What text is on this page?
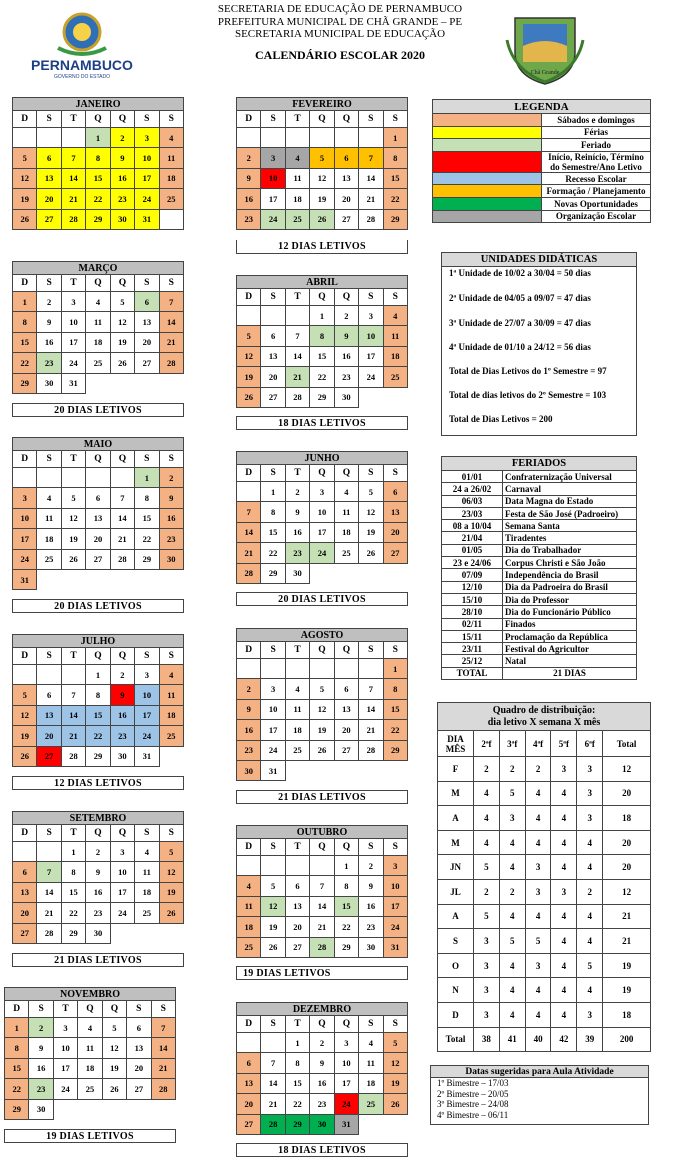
SECRETARIA DE EDUCAÇÃO DE PERNAMBUCO
PREFEITURA MUNICIPAL DE CHÃ GRANDE – PE
SECRETARIA MUNICIPAL DE EDUCAÇÃO
CALENDÁRIO ESCOLAR 2020
PERNAMBUCO
GOVERNO DO ESTADO
Chã Grande
JANEIRO						
D	S	T	Q	Q	S	S
			1	2	3	4
5	6	7	8	9	10	11
12	13	14	15	16	17	18
19	20	21	22	23	24	25
26	27	28	29	30	31	
FEVEREIRO						
D	S	T	Q	Q	S	S
						1
2	3	4	5	6	7	8
9	10	11	12	13	14	15
16	17	18	19	20	21	22
23	24	25	26	27	28	29
12 DIAS LETIVOS
MARÇO						
D	S	T	Q	Q	S	S
1	2	3	4	5	6	7
8	9	10	11	12	13	14
15	16	17	18	19	20	21
22	23	24	25	26	27	28
29	30	31				
20 DIAS LETIVOS
ABRIL						
D	S	T	Q	Q	S	S
			1	2	3	4
5	6	7	8	9	10	11
12	13	14	15	16	17	18
19	20	21	22	23	24	25
26	27	28	29	30		
18 DIAS LETIVOS
MAIO						
D	S	T	Q	Q	S	S
					1	2
3	4	5	6	7	8	9
10	11	12	13	14	15	16
17	18	19	20	21	22	23
24	25	26	27	28	29	30
31						
20 DIAS LETIVOS
JUNHO						
D	S	T	Q	Q	S	S
	1	2	3	4	5	6
7	8	9	10	11	12	13
14	15	16	17	18	19	20
21	22	23	24	25	26	27
28	29	30				
20 DIAS LETIVOS
JULHO						
D	S	T	Q	Q	S	S
			1	2	3	4
5	6	7	8	9	10	11
12	13	14	15	16	17	18
19	20	21	22	23	24	25
26	27	28	29	30	31	
12 DIAS LETIVOS
AGOSTO						
D	S	T	Q	Q	S	S
						1
2	3	4	5	6	7	8
9	10	11	12	13	14	15
16	17	18	19	20	21	22
23	24	25	26	27	28	29
30	31					
21 DIAS LETIVOS
SETEMBRO						
D	S	T	Q	Q	S	S
		1	2	3	4	5
6	7	8	9	10	11	12
13	14	15	16	17	18	19
20	21	22	23	24	25	26
27	28	29	30			
21 DIAS LETIVOS
OUTUBRO						
D	S	T	Q	Q	S	S
				1	2	3
4	5	6	7	8	9	10
11	12	13	14	15	16	17
18	19	20	21	22	23	24
25	26	27	28	29	30	31
19 DIAS LETIVOS
NOVEMBRO						
D	S	T	Q	Q	S	S
1	2	3	4	5	6	7
8	9	10	11	12	13	14
15	16	17	18	19	20	21
22	23	24	25	26	27	28
29	30					
19 DIAS LETIVOS
DEZEMBRO						
D	S	T	Q	Q	S	S
		1	2	3	4	5
6	7	8	9	10	11	12
13	14	15	16	17	18	19
20	21	22	23	24	25	26
27	28	29	30	31		
18 DIAS LETIVOS
LEGENDA	
	Sábados e domingos
	Férias
	Feriado
	Início, Reinício, Término do Semestre/Ano Letivo
	Recesso Escolar
	Formação / Planejamento
	Novas Oportunidades
	Organização Escolar
UNIDADES DIDÁTICAS

1ª Unidade de 10/02 a 30/04 = 50 dias

2ª Unidade de 04/05 a 09/07 = 47 dias

3ª Unidade de 27/07 a 30/09 = 47 dias

4ª Unidade de 01/10 a 24/12 = 56 dias

Total de Dias Letivos do 1º Semestre = 97

Total de dias letivos do 2º Semestre = 103

Total de Dias Letivos = 200

FERIADOS	
01/01	Confraternização Universal
24 a 26/02	Carnaval
06/03	Data Magna do Estado
23/03	Festa de São José (Padroeiro)
08 a 10/04	Semana Santa
21/04	Tiradentes
01/05	Dia do Trabalhador
23 e 24/06	Corpus Christi e São João
07/09	Independência do Brasil
12/10	Dia da Padroeira do Brasil
15/10	Dia do Professor
28/10	Dia do Funcionário Público
02/11	Finados
15/11	Proclamação da República
23/11	Festival do Agricultor
25/12	Natal
TOTAL	21 DIAS
Quadro de distribuição:
dia letivo X semana X mês						

DIA
MÊS	2ªf	3ªf	4ªf	5ªf	6ªf	Total
F	2	2	2	3	3	12
M	4	5	4	4	3	20
A	4	3	4	4	3	18
M	4	4	4	4	4	20
JN	5	4	3	4	4	20
JL	2	2	3	3	2	12
A	5	4	4	4	4	21
S	3	5	5	4	4	21
O	3	4	3	4	5	19
N	3	4	4	4	4	19
D	3	4	4	4	3	18
Total	38	41	40	42	39	200
Datas sugeridas para Aula Atividade
1º Bimestre – 17/03
2º Bimestre – 20/05
3º Bimestre – 24/08
4º Bimestre – 06/11
